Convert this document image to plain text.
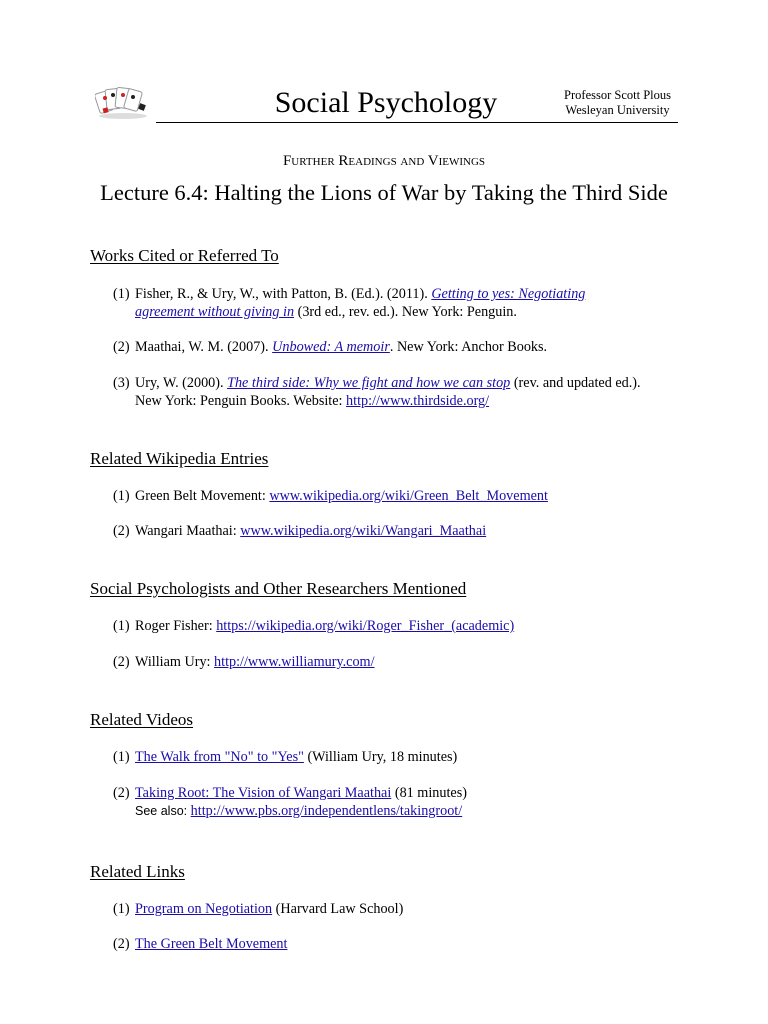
Social Psychology	Professor Scott Plous
Wesleyan University
Further Readings and Viewings
Lecture 6.4: Halting the Lions of War by Taking the Third Side
Works Cited or Referred To
(1) Fisher, R., & Ury, W., with Patton, B. (Ed.). (2011). Getting to yes: Negotiating
agreement without giving in (3rd ed., rev. ed.). New York: Penguin.
(2) Maathai, W. M. (2007). Unbowed: A memoir. New York: Anchor Books.
(3) Ury, W. (2000). The third side: Why we fight and how we can stop (rev. and updated ed.).
New York: Penguin Books. Website: http://www.thirdside.org/
Related Wikipedia Entries
(1) Green Belt Movement: www.wikipedia.org/wiki/Green_Belt_Movement
(2) Wangari Maathai: www.wikipedia.org/wiki/Wangari_Maathai
Social Psychologists and Other Researchers Mentioned
(1) Roger Fisher: https://wikipedia.org/wiki/Roger_Fisher_(academic)
(2) William Ury: http://www.williamury.com/
Related Videos
(1) The Walk from "No" to "Yes" (William Ury, 18 minutes)
(2) Taking Root: The Vision of Wangari Maathai (81 minutes)
See also: http://www.pbs.org/independentlens/takingroot/
Related Links
(1) Program on Negotiation (Harvard Law School)
(2) The Green Belt Movement
